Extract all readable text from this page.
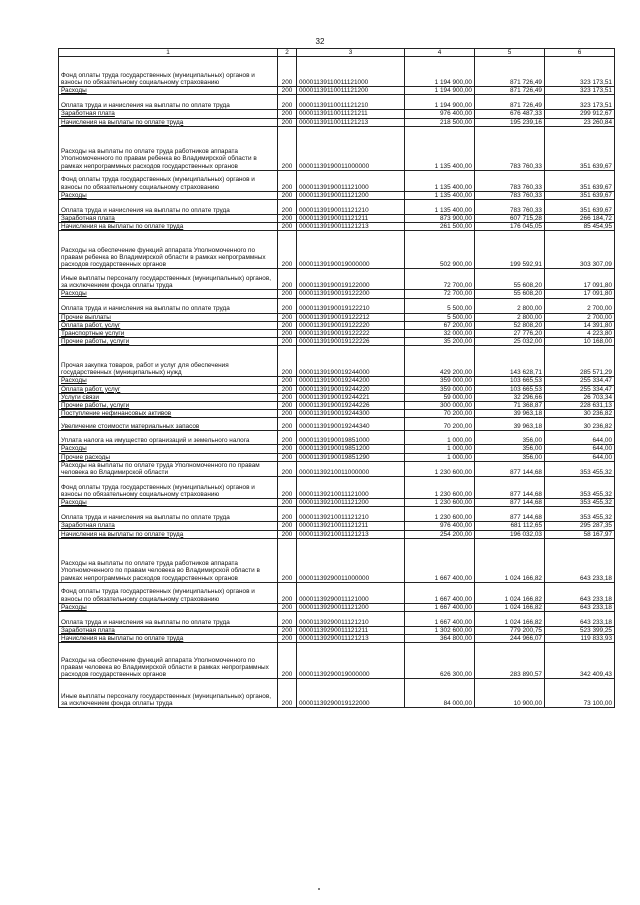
32
1	2	3	4	5	6
Фонд оплаты труда государственных (муниципальных) органов и взносы по обязательному социальному страхованию	200	00001139110011121000	1 194 900,00	871 726,49	323 173,51
Расходы	200	00001139110011121200	1 194 900,00	871 726,49	323 173,51
Оплата труда и начисления на выплаты по оплате труда	200	00001139110011121210	1 194 900,00	871 726,49	323 173,51
Заработная плата	200	00001139110011121211	976 400,00	676 487,33	299 912,67
Начисления на выплаты по оплате труда	200	00001139110011121213	218 500,00	195 239,16	23 260,84
Расходы на выплаты по оплате труда работников аппарата Уполномоченного по правам ребенка во Владимирской области в рамках непрограммных расходов государственных органов	200	00001139190011000000	1 135 400,00	783 760,33	351 639,67
Фонд оплаты труда государственных (муниципальных) органов и взносы по обязательному социальному страхованию	200	00001139190011121000	1 135 400,00	783 760,33	351 639,67
Расходы	200	00001139190011121200	1 135 400,00	783 760,33	351 639,67
Оплата труда и начисления на выплаты по оплате труда	200	00001139190011121210	1 135 400,00	783 760,33	351 639,67
Заработная плата	200	00001139190011121211	873 900,00	607 715,28	266 184,72
Начисления на выплаты по оплате труда	200	00001139190011121213	261 500,00	176 045,05	85 454,95
Расходы на обеспечение функций аппарата Уполномоченного по правам ребенка во Владимирской области в рамках непрограммных расходов государственных органов	200	00001139190019000000	502 900,00	199 592,91	303 307,09
Иные выплаты персоналу государственных (муниципальных) органов, за исключением фонда оплаты труда	200	00001139190019122000	72 700,00	55 608,20	17 091,80
Расходы	200	00001139190019122200	72 700,00	55 608,20	17 091,80
Оплата труда и начисления на выплаты по оплате труда	200	00001139190019122210	5 500,00	2 800,00	2 700,00
Прочие выплаты	200	00001139190019122212	5 500,00	2 800,00	2 700,00
Оплата работ, услуг	200	00001139190019122220	67 200,00	52 808,20	14 391,80
Транспортные услуги	200	00001139190019122222	32 000,00	27 776,20	4 223,80
Прочие работы, услуги	200	00001139190019122226	35 200,00	25 032,00	10 168,00
Прочая закупка товаров, работ и услуг для обеспечения государственных (муниципальных) нужд	200	00001139190019244000	429 200,00	143 628,71	285 571,29
Расходы	200	00001139190019244200	359 000,00	103 665,53	255 334,47
Оплата работ, услуг	200	00001139190019244220	359 000,00	103 665,53	255 334,47
Услуги связи	200	00001139190019244221	59 000,00	32 296,66	26 703,34
Прочие работы, услуги	200	00001139190019244226	300 000,00	71 368,87	228 631,13
Поступление нефинансовых активов	200	00001139190019244300	70 200,00	39 963,18	30 236,82
Увеличение стоимости материальных запасов	200	00001139190019244340	70 200,00	39 963,18	30 236,82
Уплата налога на имущество организаций и земельного налога	200	00001139190019851000	1 000,00	356,00	644,00
Расходы	200	00001139190019851200	1 000,00	356,00	644,00
Прочие расходы	200	00001139190019851290	1 000,00	356,00	644,00
Расходы на выплаты по оплате труда Уполномоченного по правам человека во Владимирской области	200	00001139210011000000	1 230 600,00	877 144,68	353 455,32
Фонд оплаты труда государственных (муниципальных) органов и взносы по обязательному социальному страхованию	200	00001139210011121000	1 230 600,00	877 144,68	353 455,32
Расходы	200	00001139210011121200	1 230 600,00	877 144,68	353 455,32
Оплата труда и начисления на выплаты по оплате труда	200	00001139210011121210	1 230 600,00	877 144,68	353 455,32
Заработная плата	200	00001139210011121211	976 400,00	681 112,65	295 287,35
Начисления на выплаты по оплате труда	200	00001139210011121213	254 200,00	196 032,03	58 167,97
Расходы на выплаты по оплате труда работников аппарата Уполномоченного по правам человека во Владимирской области в рамках непрограммных расходов государственных органов	200	00001139290011000000	1 667 400,00	1 024 166,82	643 233,18
Фонд оплаты труда государственных (муниципальных) органов и взносы по обязательному социальному страхованию	200	00001139290011121000	1 667 400,00	1 024 166,82	643 233,18
Расходы	200	00001139290011121200	1 667 400,00	1 024 166,82	643 233,18
Оплата труда и начисления на выплаты по оплате труда	200	00001139290011121210	1 667 400,00	1 024 166,82	643 233,18
Заработная плата	200	00001139290011121211	1 302 600,00	779 200,75	523 399,25
Начисления на выплаты по оплате труда	200	00001139290011121213	364 800,00	244 966,07	119 833,93
Расходы на обеспечение функций аппарата Уполномоченного по правам человека во Владимирской области в рамках непрограммных расходов государственных органов	200	00001139290019000000	626 300,00	283 890,57	342 409,43
Иные выплаты персоналу государственных (муниципальных) органов, за исключением фонда оплаты труда	200	00001139290019122000	84 000,00	10 900,00	73 100,00
